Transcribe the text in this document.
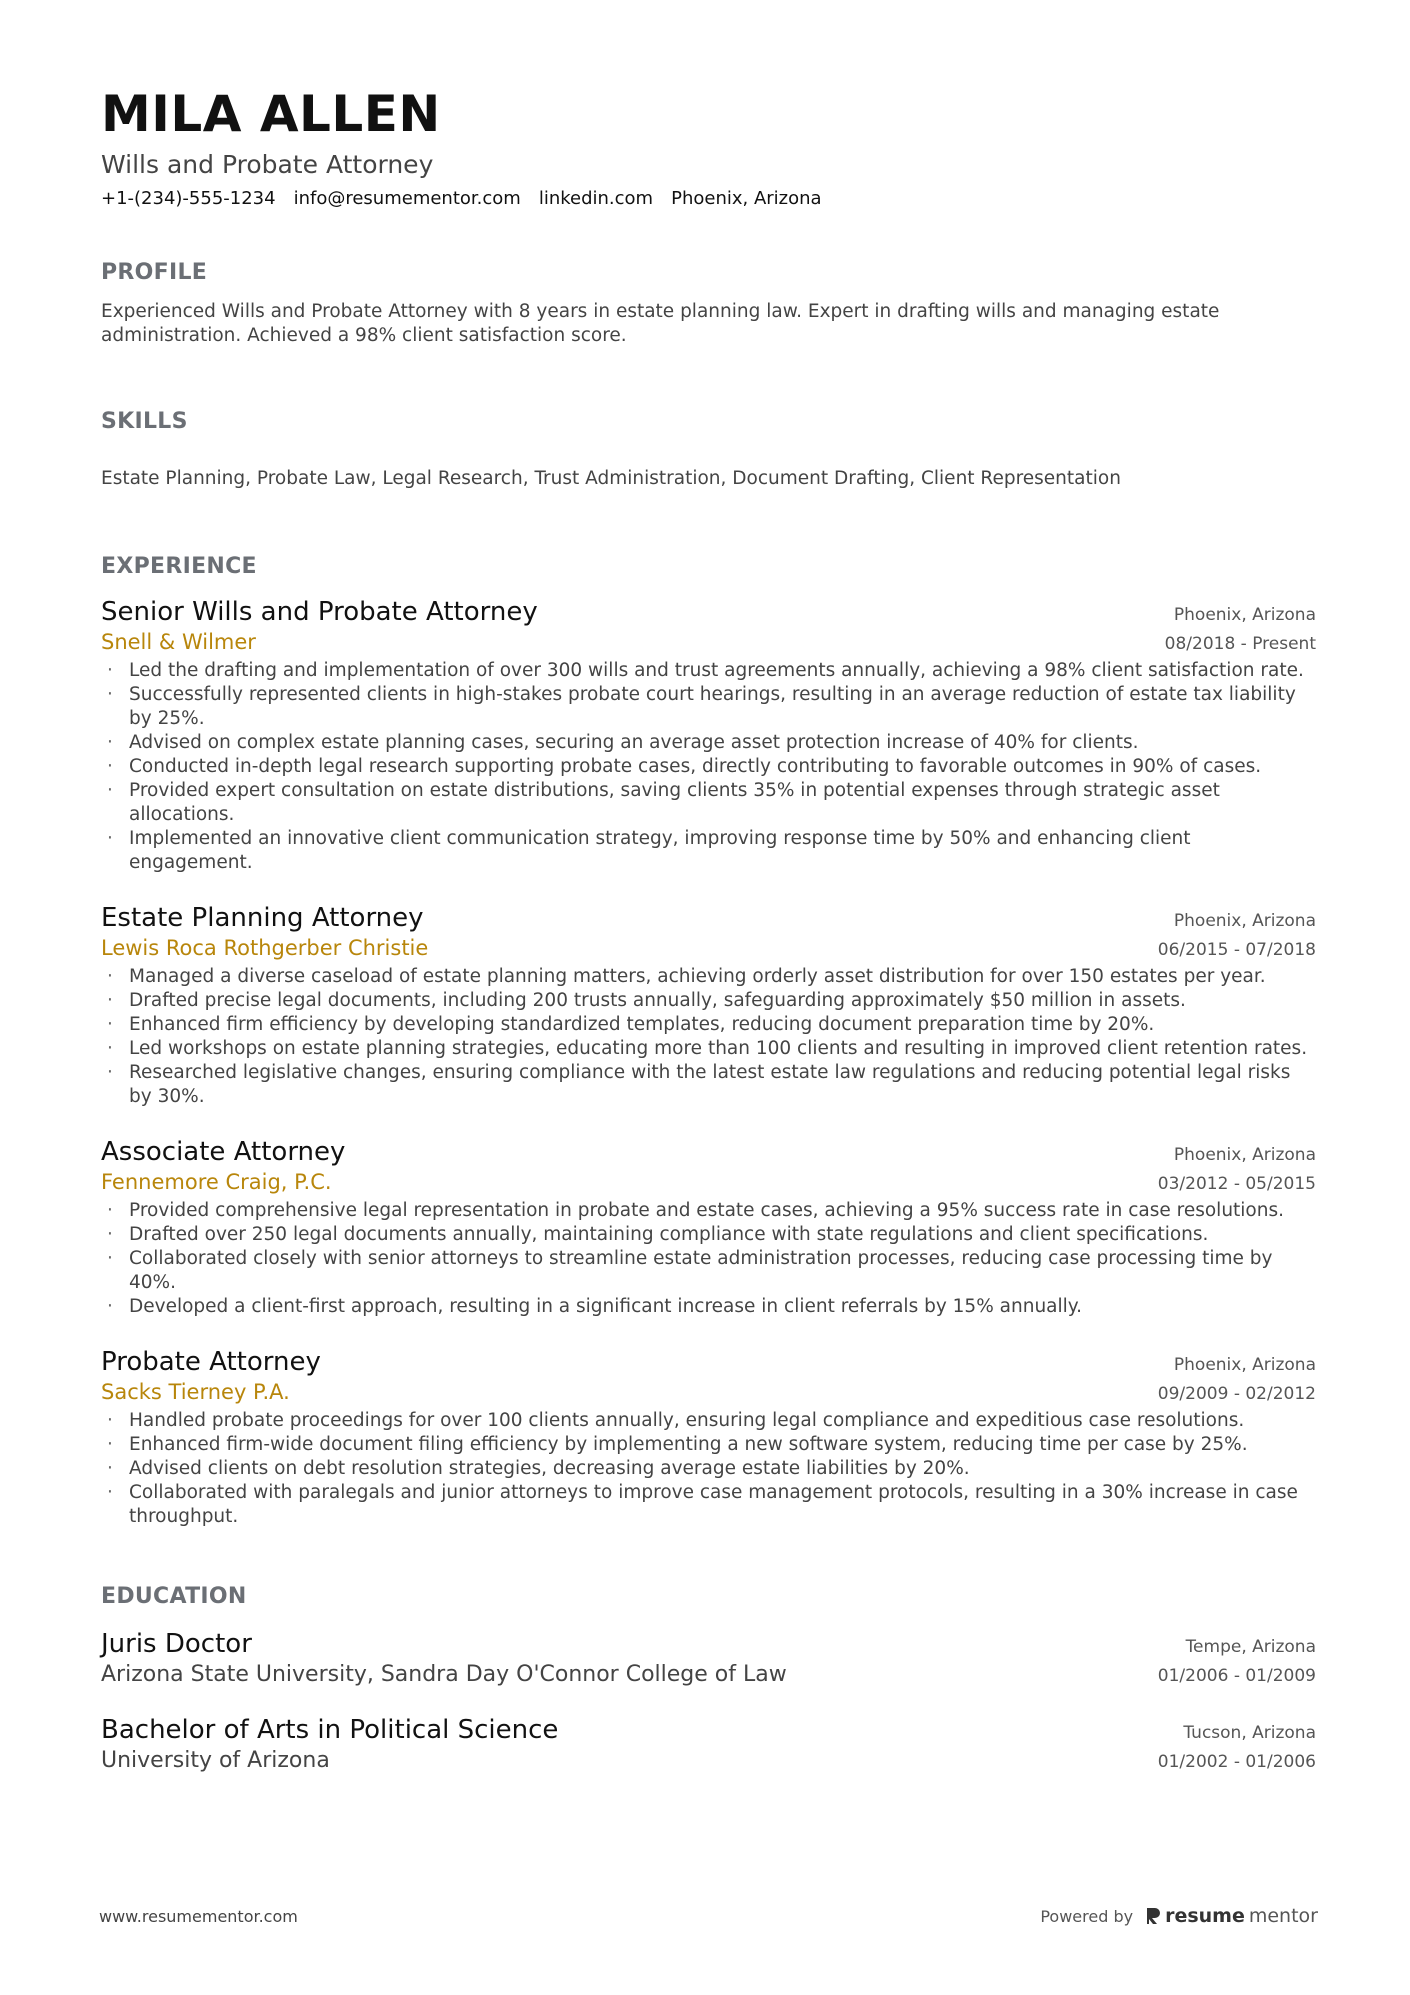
MILA ALLEN
Wills and Probate Attorney
+1-(234)-555-1234 info@resumementor.com linkedin.com Phoenix, Arizona
PROFILE

Experienced Wills and Probate Attorney with 8 years in estate planning law. Expert in drafting wills and managing estate administration. Achieved a 98% client satisfaction score.

SKILLS

Estate Planning, Probate Law, Legal Research, Trust Administration, Document Drafting, Client Representation

EXPERIENCE
Senior Wills and Probate Attorney	Phoenix, Arizona
Snell & Wilmer	08/2018 - Present
· Led the drafting and implementation of over 300 wills and trust agreements annually, achieving a 98% client satisfaction rate.
· Successfully represented clients in high-stakes probate court hearings, resulting in an average reduction of estate tax liability by 25%.
· Advised on complex estate planning cases, securing an average asset protection increase of 40% for clients.
· Conducted in-depth legal research supporting probate cases, directly contributing to favorable outcomes in 90% of cases.
· Provided expert consultation on estate distributions, saving clients 35% in potential expenses through strategic asset allocations.
· Implemented an innovative client communication strategy, improving response time by 50% and enhancing client engagement.
Estate Planning Attorney	Phoenix, Arizona
Lewis Roca Rothgerber Christie	06/2015 - 07/2018
· Managed a diverse caseload of estate planning matters, achieving orderly asset distribution for over 150 estates per year.
· Drafted precise legal documents, including 200 trusts annually, safeguarding approximately $50 million in assets.
· Enhanced firm efficiency by developing standardized templates, reducing document preparation time by 20%.
· Led workshops on estate planning strategies, educating more than 100 clients and resulting in improved client retention rates.
· Researched legislative changes, ensuring compliance with the latest estate law regulations and reducing potential legal risks by 30%.
Associate Attorney	Phoenix, Arizona
Fennemore Craig, P.C.	03/2012 - 05/2015
· Provided comprehensive legal representation in probate and estate cases, achieving a 95% success rate in case resolutions.
· Drafted over 250 legal documents annually, maintaining compliance with state regulations and client specifications.
· Collaborated closely with senior attorneys to streamline estate administration processes, reducing case processing time by 40%.
· Developed a client-first approach, resulting in a significant increase in client referrals by 15% annually.
Probate Attorney	Phoenix, Arizona
Sacks Tierney P.A.	09/2009 - 02/2012
· Handled probate proceedings for over 100 clients annually, ensuring legal compliance and expeditious case resolutions.
· Enhanced firm-wide document filing efficiency by implementing a new software system, reducing time per case by 25%.
· Advised clients on debt resolution strategies, decreasing average estate liabilities by 20%.
· Collaborated with paralegals and junior attorneys to improve case management protocols, resulting in a 30% increase in case throughput.
EDUCATION
Juris Doctor	Tempe, Arizona
Arizona State University, Sandra Day O'Connor College of Law	01/2006 - 01/2009
Bachelor of Arts in Political Science	Tucson, Arizona
University of Arizona	01/2002 - 01/2006
www.resumementor.com	Powered by resume mentor
